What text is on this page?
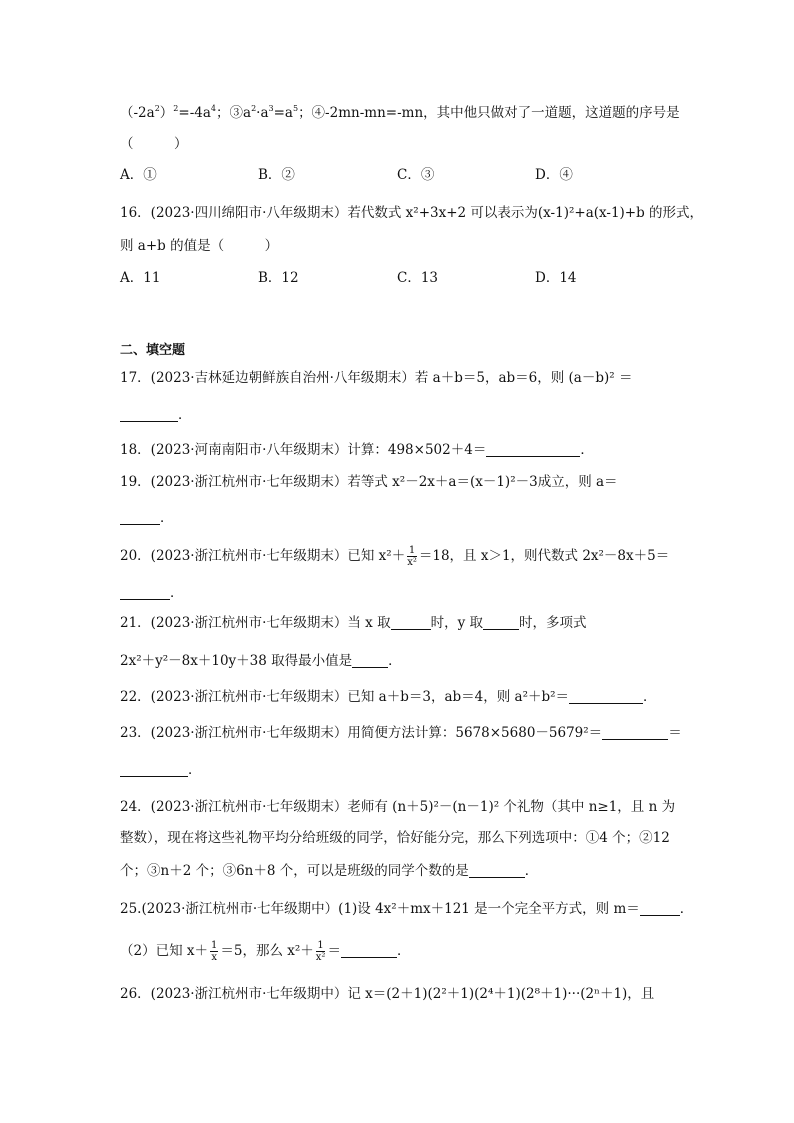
$(-2a^2)^2=-4a^4$；$③a^2\cdot a^3=a^5$；④-2mn-mn=-mn，其中他只做对了一道题，这道题的序号是
（　　　）
A．①	B．②	C．③	D．④
16．(2023·四川绵阳市·八年级期末）若代数式 x²+3x+2 可以表示为(x-1)²+a(x-1)+b 的形式，
则 a+b 的值是（　　　）
A．11	B．12	C．13	D．14
二、填空题
17．(2023·吉林延边朝鲜族自治州·八年级期末）若 a＋b＝5，ab＝6，则 (a－b)² ＝
．
18．(2023·河南南阳市·八年级期末）计算：498×502＋4＝	．
19．(2023·浙江杭州市·七年级期末）若等式 x²－2x＋a＝(x－1)²－3成立，则 a＝
．
20．(2023·浙江杭州市·七年级期末）已知 $x^2+ \frac{1}{\text{x²}} =18$，且 x＞1，则代数式 2x²－8x＋5＝
．
21．(2023·浙江杭州市·七年级期末）当 x 取	时，y 取	时，多项式
2x²＋y²－8x＋10y＋38 取得最小值是	．
22．(2023·浙江杭州市·七年级期末）已知 a＋b＝3，ab＝4，则 a²＋b²＝	．
23．(2023·浙江杭州市·七年级期末）用简便方法计算：5678×5680－5679²＝	＝
．
24．(2023·浙江杭州市·七年级期末）老师有 (n＋5)²－(n－1)² 个礼物（其中 n≥1，且 n 为
整数），现在将这些礼物平均分给班级的同学，恰好能分完，那么下列选项中：①4 个；②12
个；③n＋2 个；③6n＋8 个，可以是班级的同学个数的是	．
25.(2023·浙江杭州市·七年级期中）(1)设 4x²＋mx＋121 是一个完全平方式，则 m＝	．
（2）已知 $x+ \frac{1}{x} =5$，那么 $x^2+ \frac{1}{\text{x²}}$ ＝	．
26．(2023·浙江杭州市·七年级期中）记 x＝(2＋1)(2²＋1)(2⁴＋1)(2⁸＋1)···(2ⁿ＋1)，且
